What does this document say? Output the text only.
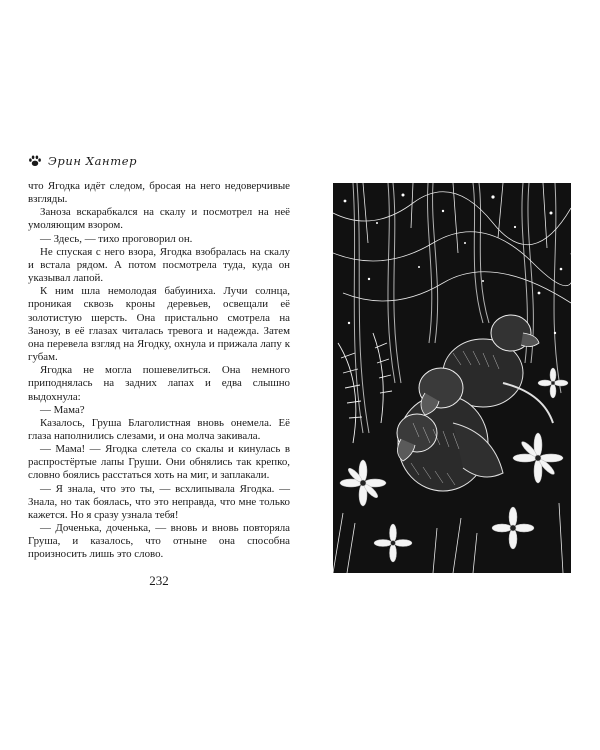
Эрин Хантер

что Ягодка идёт следом, бросая на него недоверчивые взгляды.

Заноза вскарабкался на скалу и посмотрел на неё умоляющим взором.

— Здесь, — тихо проговорил он.

Не спуская с него взора, Ягодка взобралась на скалу и встала рядом. А потом посмотрела туда, куда он указывал лапой.

К ним шла немолодая бабуиниха. Лучи солнца, проникая сквозь кроны деревьев, освещали её золотистую шерсть. Она пристально смотрела на Занозу, в её глазах читалась тревога и надежда. Затем она перевела взгляд на Ягодку, охнула и прижала лапу к губам.

Ягодка не могла пошевелиться. Она немного приподнялась на задних лапах и едва слышно выдохнула:

— Мама?

Казалось, Груша Благолистная вновь онемела. Её глаза наполнились слезами, и она молча закивала.

— Мама! — Ягодка слетела со скалы и кинулась в распростёртые лапы Груши. Они обнялись так крепко, словно боялись расстаться хоть на миг, и заплакали.

— Я знала, что это ты, — всхлипывала Ягодка. — Знала, но так боялась, что это неправда, что мне только кажется. Но я сразу узнала тебя!

— Доченька, доченька, — вновь и вновь повторяла Груша, и казалось, что отныне она способна произносить лишь это слово.

232
